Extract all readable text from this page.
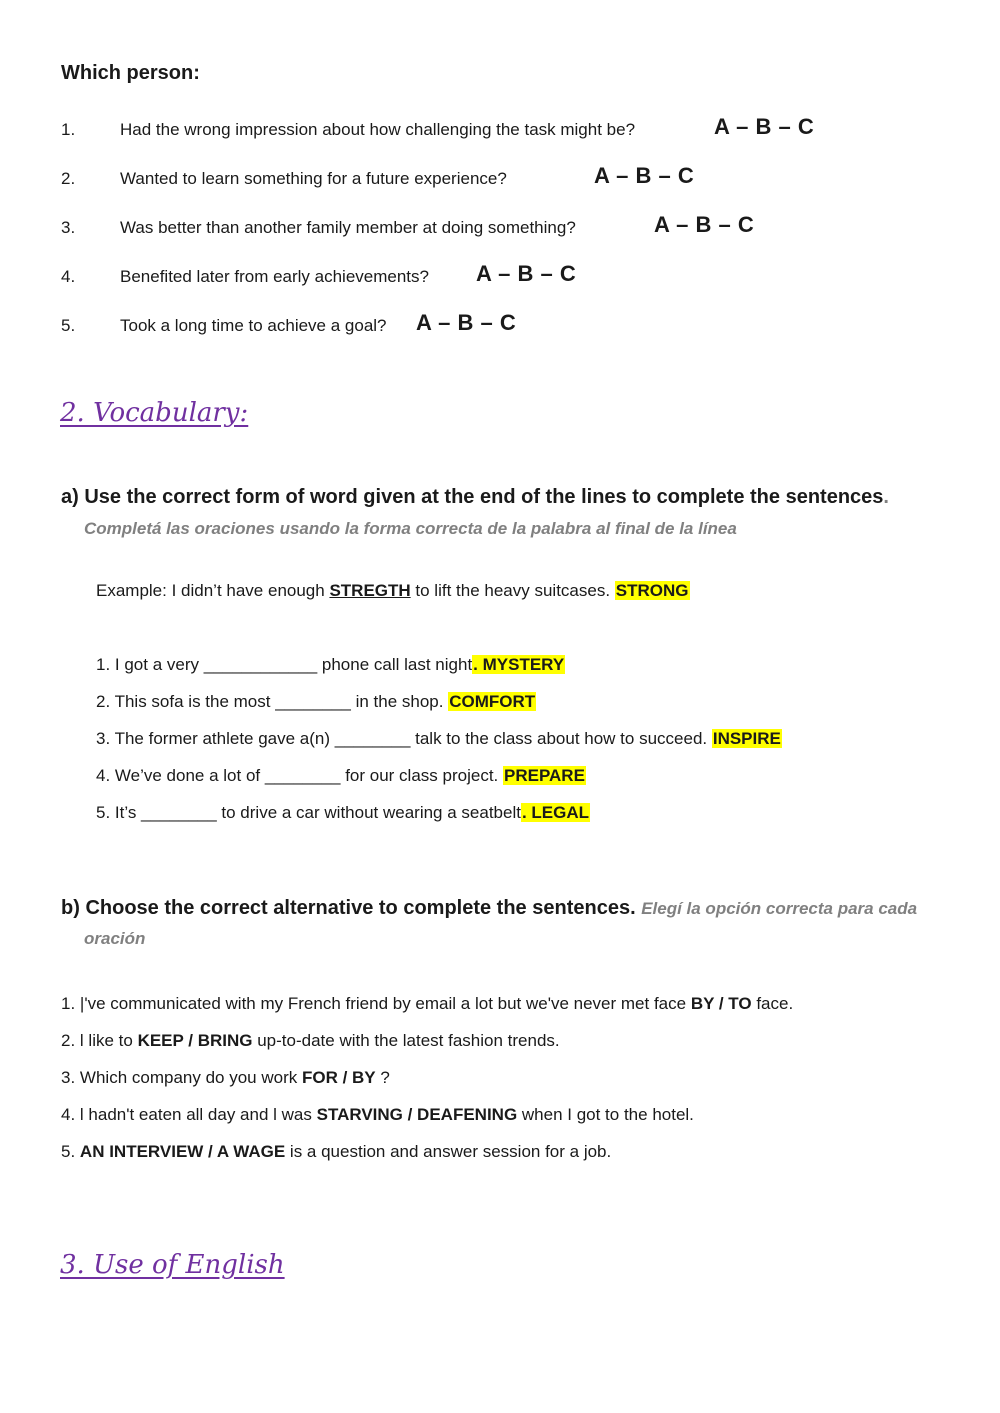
Which person:
1.	Had the wrong impression about how challenging the task might be?	A – B – C
2.	Wanted to learn something for a future experience?	A – B – C
3.	Was better than another family member at doing something?	A – B – C
4.	Benefited later from early achievements? A – B – C
5.	Took a long time to achieve a goal? A – B – C
2. Vocabulary:
a) Use the correct form of word given at the end of the lines to complete the sentences.
Completá las oraciones usando la forma correcta de la palabra al final de la línea
Example: I didn’t have enough STREGTH to lift the heavy suitcases. STRONG
1. I got a very ____________ phone call last night. MYSTERY
2. This sofa is the most ________ in the shop. COMFORT
3. The former athlete gave a(n) ________ talk to the class about how to succeed. INSPIRE
4. We’ve done a lot of ________ for our class project. PREPARE
5. It’s ________ to drive a car without wearing a seatbelt. LEGAL
b) Choose the correct alternative to complete the sentences. Elegí la opción correcta para cada
oración
1. |'ve communicated with my French friend by email a lot but we've never met face BY / TO face.
2. l like to KEEP / BRING up-to-date with the latest fashion trends.
3. Which company do you work FOR / BY ?
4. l hadn't eaten all day and l was STARVING / DEAFENING when I got to the hotel.
5. AN INTERVIEW / A WAGE is a question and answer session for a job.
3. Use of English
